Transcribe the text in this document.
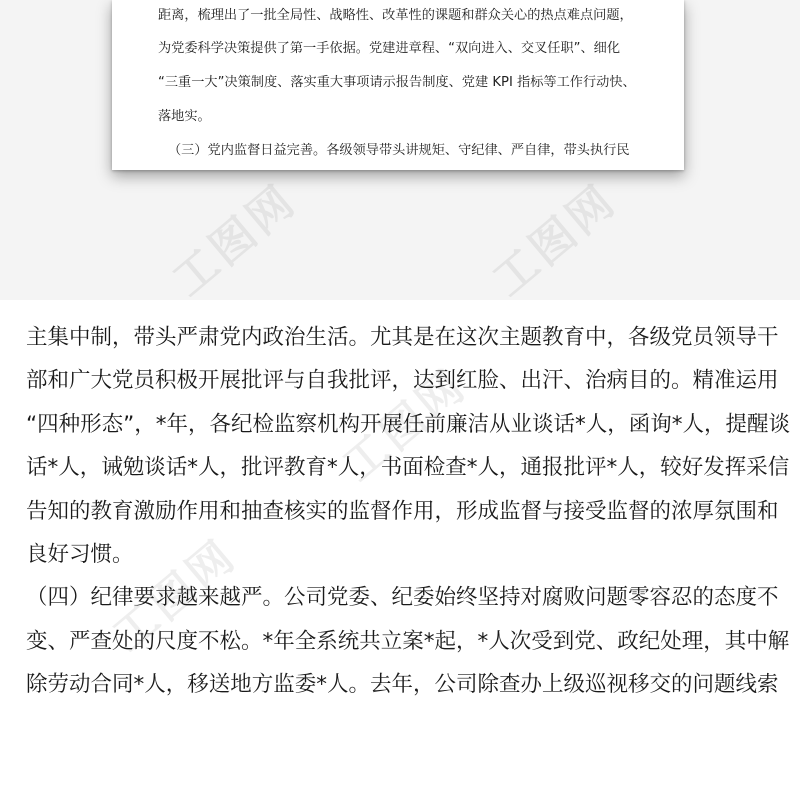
工图网	工图网
距离，梳理出了一批全局性、战略性、改革性的课题和群众关心的热点难点问题，
为党委科学决策提供了第一手依据。党建进章程、“双向进入、交叉任职”、细化
“三重一大”决策制度、落实重大事项请示报告制度、党建 KPI 指标等工作行动快、
落地实。
（三）党内监督日益完善。各级领导带头讲规矩、守纪律、严自律，带头执行民
工图网
工图网
主集中制，带头严肃党内政治生活。尤其是在这次主题教育中，各级党员领导干
部和广大党员积极开展批评与自我批评，达到红脸、出汗、治病目的。精准运用
“四种形态”，*年，各纪检监察机构开展任前廉洁从业谈话*人，函询*人，提醒谈
话*人，诫勉谈话*人，批评教育*人，书面检查*人，通报批评*人，较好发挥采信
告知的教育激励作用和抽查核实的监督作用，形成监督与接受监督的浓厚氛围和
良好习惯。
（四）纪律要求越来越严。公司党委、纪委始终坚持对腐败问题零容忍的态度不
变、严查处的尺度不松。*年全系统共立案*起，*人次受到党、政纪处理，其中解
除劳动合同*人，移送地方监委*人。去年，公司除查办上级巡视移交的问题线索
